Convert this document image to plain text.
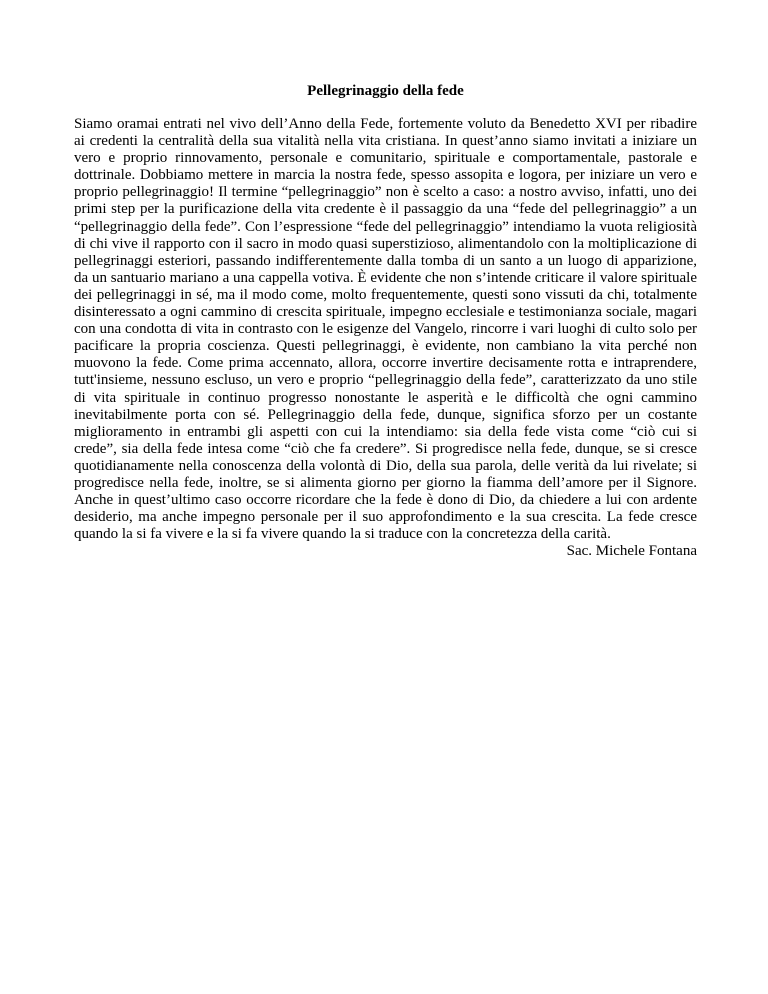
Pellegrinaggio della fede

Siamo oramai entrati nel vivo dell’Anno della Fede, fortemente voluto da Benedetto XVI per ribadire ai credenti la centralità della sua vitalità nella vita cristiana. In quest’anno siamo invitati a iniziare un vero e proprio rinnovamento, personale e comunitario, spirituale e comportamentale, pastorale e dottrinale. Dobbiamo mettere in marcia la nostra fede, spesso assopita e logora, per iniziare un vero e proprio pellegrinaggio! Il termine “pellegrinaggio” non è scelto a caso: a nostro avviso, infatti, uno dei primi step per la purificazione della vita credente è il passaggio da una “fede del pellegrinaggio” a un “pellegrinaggio della fede”. Con l’espressione “fede del pellegrinaggio” intendiamo la vuota religiosità di chi vive il rapporto con il sacro in modo quasi superstizioso, alimentandolo con la moltiplicazione di pellegrinaggi esteriori, passando indifferentemente dalla tomba di un santo a un luogo di apparizione, da un santuario mariano a una cappella votiva. È evidente che non s’intende criticare il valore spirituale dei pellegrinaggi in sé, ma il modo come, molto frequentemente, questi sono vissuti da chi, totalmente disinteressato a ogni cammino di crescita spirituale, impegno ecclesiale e testimonianza sociale, magari con una condotta di vita in contrasto con le esigenze del Vangelo, rincorre i vari luoghi di culto solo per pacificare la propria coscienza. Questi pellegrinaggi, è evidente, non cambiano la vita perché non muovono la fede. Come prima accennato, allora, occorre invertire decisamente rotta e intraprendere, tutt'insieme, nessuno escluso, un vero e proprio “pellegrinaggio della fede”, caratterizzato da uno stile di vita spirituale in continuo progresso nonostante le asperità e le difficoltà che ogni cammino inevitabilmente porta con sé. Pellegrinaggio della fede, dunque, significa sforzo per un costante miglioramento in entrambi gli aspetti con cui la intendiamo: sia della fede vista come “ciò cui si crede”, sia della fede intesa come “ciò che fa credere”. Si progredisce nella fede, dunque, se si cresce quotidianamente nella conoscenza della volontà di Dio, della sua parola, delle verità da lui rivelate; si progredisce nella fede, inoltre, se si alimenta giorno per giorno la fiamma dell’amore per il Signore. Anche in quest’ultimo caso occorre ricordare che la fede è dono di Dio, da chiedere a lui con ardente desiderio, ma anche impegno personale per il suo approfondimento e la sua crescita. La fede cresce quando la si fa vivere e la si fa vivere quando la si traduce con la concretezza della carità.

Sac. Michele Fontana
